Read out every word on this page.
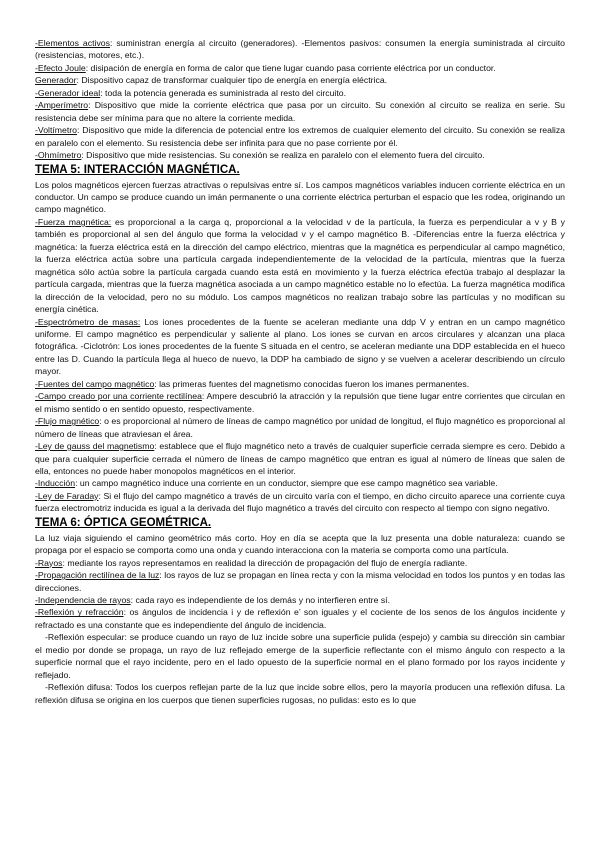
-Elementos activos: suministran energía al circuito (generadores). -Elementos pasivos: consumen la energía suministrada al circuito (resistencias, motores, etc.).

-Efecto Joule: disipación de energía en forma de calor que tiene lugar cuando pasa corriente eléctrica por un conductor.

Generador: Dispositivo capaz de transformar cualquier tipo de energía en energía eléctrica.

-Generador ideal: toda la potencia generada es suministrada al resto del circuito.

-Amperímetro: Dispositivo que mide la corriente eléctrica que pasa por un circuito. Su conexión al circuito se realiza en serie. Su resistencia debe ser mínima para que no altere la corriente medida.

-Voltímetro: Dispositivo que mide la diferencia de potencial entre los extremos de cualquier elemento del circuito. Su conexión se realiza en paralelo con el elemento. Su resistencia debe ser infinita para que no pase corriente por él.

-Ohmímetro: Dispositivo que mide resistencias. Su conexión se realiza en paralelo con el elemento fuera del circuito.

TEMA 5: INTERACCIÓN MAGNÉTICA.

Los polos magnéticos ejercen fuerzas atractivas o repulsivas entre sí. Los campos magnéticos variables inducen corriente eléctrica en un conductor. Un campo se produce cuando un imán permanente o una corriente eléctrica perturban el espacio que les rodea, originando un campo magnético.

-Fuerza magnética: es proporcional a la carga q, proporcional a la velocidad v de la partícula, la fuerza es perpendicular a v y B y también es proporcional al sen del ángulo que forma la velocidad v y el campo magnético B. -Diferencias entre la fuerza eléctrica y magnética: la fuerza eléctrica está en la dirección del campo eléctrico, mientras que la magnética es perpendicular al campo magnético, la fuerza eléctrica actúa sobre una partícula cargada independientemente de la velocidad de la partícula, mientras que la fuerza magnética sólo actúa sobre la partícula cargada cuando esta está en movimiento y la fuerza eléctrica efectúa trabajo al desplazar la partícula cargada, mientras que la fuerza magnética asociada a un campo magnético estable no lo efectúa. La fuerza magnética modifica la dirección de la velocidad, pero no su módulo. Los campos magnéticos no realizan trabajo sobre las partículas y no modifican su energía cinética.

-Espectrómetro de masas: Los iones procedentes de la fuente se aceleran mediante una ddp V y entran en un campo magnético uniforme. El campo magnético es perpendicular y saliente al plano. Los iones se curvan en arcos circulares y alcanzan una placa fotográfica. -Ciclotrón: Los iones procedentes de la fuente S situada en el centro, se aceleran mediante una DDP establecida en el hueco entre las D. Cuando la partícula llega al hueco de nuevo, la DDP ha cambiado de signo y se vuelven a acelerar describiendo un círculo mayor.

-Fuentes del campo magnético: las primeras fuentes del magnetismo conocidas fueron los imanes permanentes.

-Campo creado por una corriente rectilínea: Ampere descubrió la atracción y la repulsión que tiene lugar entre corrientes que circulan en el mismo sentido o en sentido opuesto, respectivamente.

-Flujo magnético: o es proporcional al número de líneas de campo magnético por unidad de longitud, el flujo magnético es proporcional al número de líneas que atraviesan el área.

-Ley de gauss del magnetismo: establece que el flujo magnético neto a través de cualquier superficie cerrada siempre es cero. Debido a que para cualquier superficie cerrada el número de líneas de campo magnético que entran es igual al número de líneas que salen de ella, entonces no puede haber monopolos magnéticos en el interior.

-Inducción: un campo magnético induce una corriente en un conductor, siempre que ese campo magnético sea variable.

-Ley de Faraday: Si el flujo del campo magnético a través de un circuito varía con el tiempo, en dicho circuito aparece una corriente cuya fuerza electromotriz inducida es igual a la derivada del flujo magnético a través del circuito con respecto al tiempo con signo negativo.

TEMA 6: ÓPTICA GEOMÉTRICA.

La luz viaja siguiendo el camino geométrico más corto. Hoy en día se acepta que la luz presenta una doble naturaleza: cuando se propaga por el espacio se comporta como una onda y cuando interacciona con la materia se comporta como una partícula.

-Rayos: mediante los rayos representamos en realidad la dirección de propagación del flujo de energía radiante.

-Propagación rectilínea de la luz: los rayos de luz se propagan en línea recta y con la misma velocidad en todos los puntos y en todas las direcciones.

-Independencia de rayos: cada rayo es independiente de los demás y no interfieren entre sí.

-Reflexión y refracción: os ángulos de incidencia i y de reflexión e’ son iguales y el cociente de los senos de los ángulos incidente y refractado es una constante que es independiente del ángulo de incidencia.

-Reflexión especular: se produce cuando un rayo de luz incide sobre una superficie pulida (espejo) y cambia su dirección sin cambiar el medio por donde se propaga, un rayo de luz reflejado emerge de la superficie reflectante con el mismo ángulo con respecto a la superficie normal que el rayo incidente, pero en el lado opuesto de la superficie normal en el plano formado por los rayos incidente y reflejado.

-Reflexión difusa: Todos los cuerpos reflejan parte de la luz que incide sobre ellos, pero la mayoría producen una reflexión difusa. La reflexión difusa se origina en los cuerpos que tienen superficies rugosas, no pulidas: esto es lo que
